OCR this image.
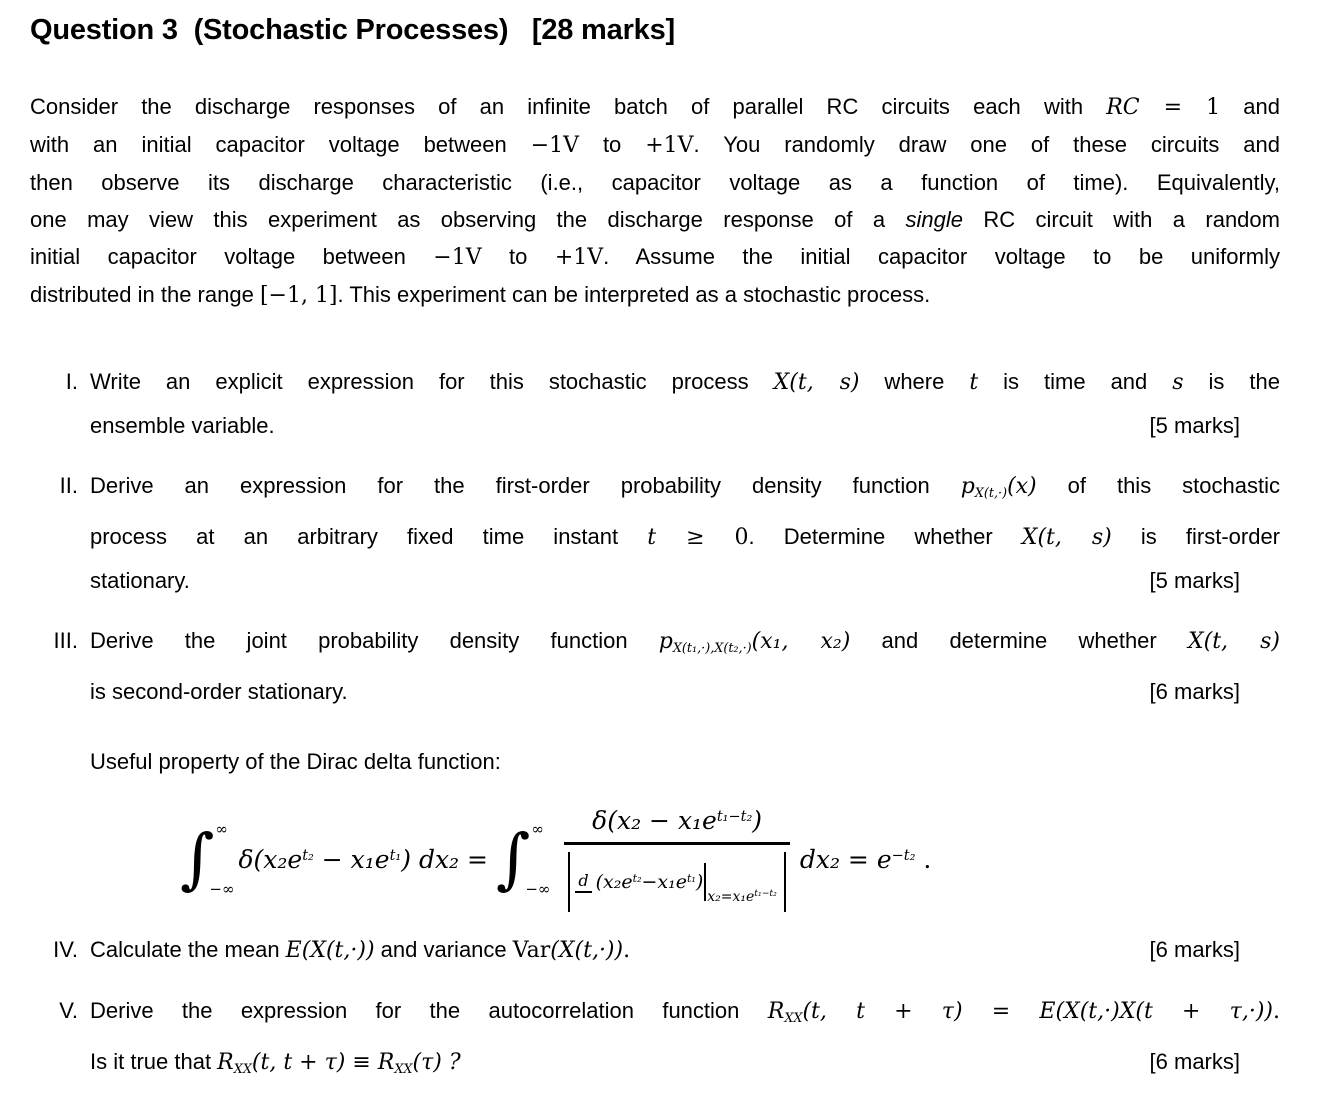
Question 3  (Stochastic Processes)   [28 marks]
Consider the discharge responses of an infinite batch of parallel RC circuits each with RC = 1 and
with an initial capacitor voltage between −1V to +1V. You randomly draw one of these circuits and
then observe its discharge characteristic (i.e., capacitor voltage as a function of time). Equivalently,
one may view this experiment as observing the discharge response of a single RC circuit with a random
initial capacitor voltage between −1V to +1V. Assume the initial capacitor voltage to be uniformly
distributed in the range [−1, 1]. This experiment can be interpreted as a stochastic process.
I. Write an explicit expression for this stochastic process X(t, s) where t is time and s is the
ensemble variable.	[5 marks]
II. Derive an expression for the first-order probability density function pX(t,·)(x) of this stochastic
process at an arbitrary fixed time instant t ≥ 0. Determine whether X(t, s) is first-order
stationary.	[5 marks]
III. Derive the joint probability density function pX(t₁,·),X(t₂,·)(x₁, x₂) and determine whether X(t, s)
is second-order stationary.	[6 marks]
Useful property of the Dirac delta function:
∫ ∞
−∞
$\delta(x_2e^{t_2} - x_1e^{t_1}) dx_2$ = ∫ ∞
−∞
$\delta(x_2 - x_1e^{t_1-t_2})$
d $(x_2e^{t_2}-x_1e^{t_1})$
$x_2=x_1e^{t_1-t_2}$
$dx_2 = e^{-t_2}$ .
IV. Calculate the mean E(X(t,·)) and variance Var(X(t,·)).	[6 marks]
V. Derive the expression for the autocorrelation function RXX(t, t + τ) = E(X(t,·)X(t + τ,·)).
Is it true that RXX(t, t + τ) ≡ RXX(τ) ?	[6 marks]
